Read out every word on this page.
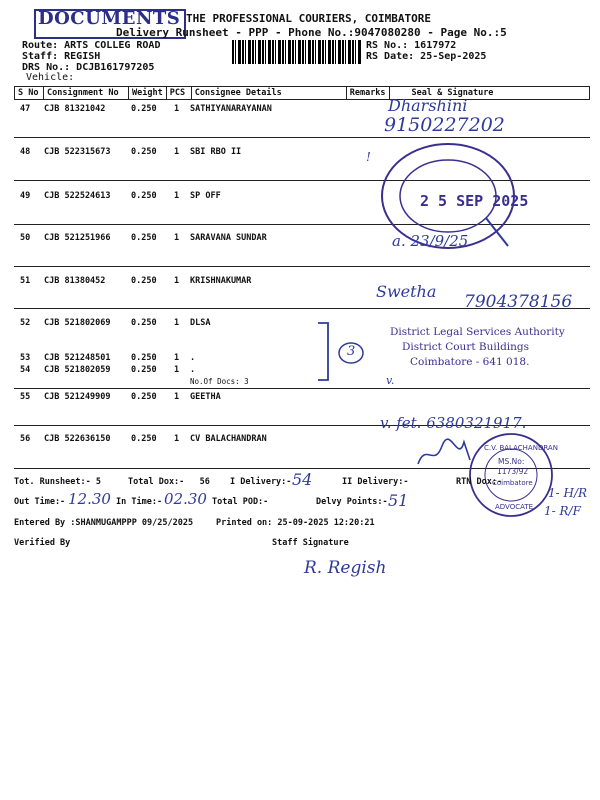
DOCUMENTS THE PROFESSIONAL COURIERS, COIMBATORE
Delivery Runsheet - PPP - Phone No.:9047080280 - Page No.:5
Route: ARTS COLLEG ROAD
Staff: REGISH
DRS No.: DCJB161797205
Vehicle:
RS No.: 1617972
RS Date: 25-Sep-2025
S No	Consignment No	Weight	PCS	Consignee Details	Remarks	Seal & Signature
47 CJB 81321042	0.250 1 SATHIYANARAYANAN
48 CJB 522315673 0.250 1 SBI RBO II
49 CJB 522524613 0.250 1 SP OFF
50 CJB 521251966 0.250 1 SARAVANA SUNDAR
51 CJB 81380452	0.250 1 KRISHNAKUMAR
52 CJB 521802069 0.250 1 DLSA
53 CJB 521248501 0.250 1 .
54 CJB 521802059 0.250 1 .
No.Of Docs: 3
55 CJB 521249909 0.250 1 GEETHA
56 CJB 522636150 0.250 1 CV BALACHANDRAN
Dharshini
9150227202
!
2 5 SEP 2025
a. 23/9/25
Swetha
7904378156
3
District Legal Services Authority
District Court Buildings
Coimbatore - 641 018.
v.
v. fet. 6380321917.
C.V. BALACHANDRAN
MS.No:
1173/92
Coimbatore
ADVOCATE
Tot. Runsheet:- 5	Total Dox:-   56 I Delivery:- 54	II Delivery:-	RTN Dox:-
Out Time:- 12.30 In Time:- 02.30 Total POD:-	Delvy Points:- 51	1- H/R
1- R/F
Entered By :SHANMUGAMPPP 09/25/2025	Printed on: 25-09-2025 12:20:21
Verified By	Staff Signature
R. Regish
